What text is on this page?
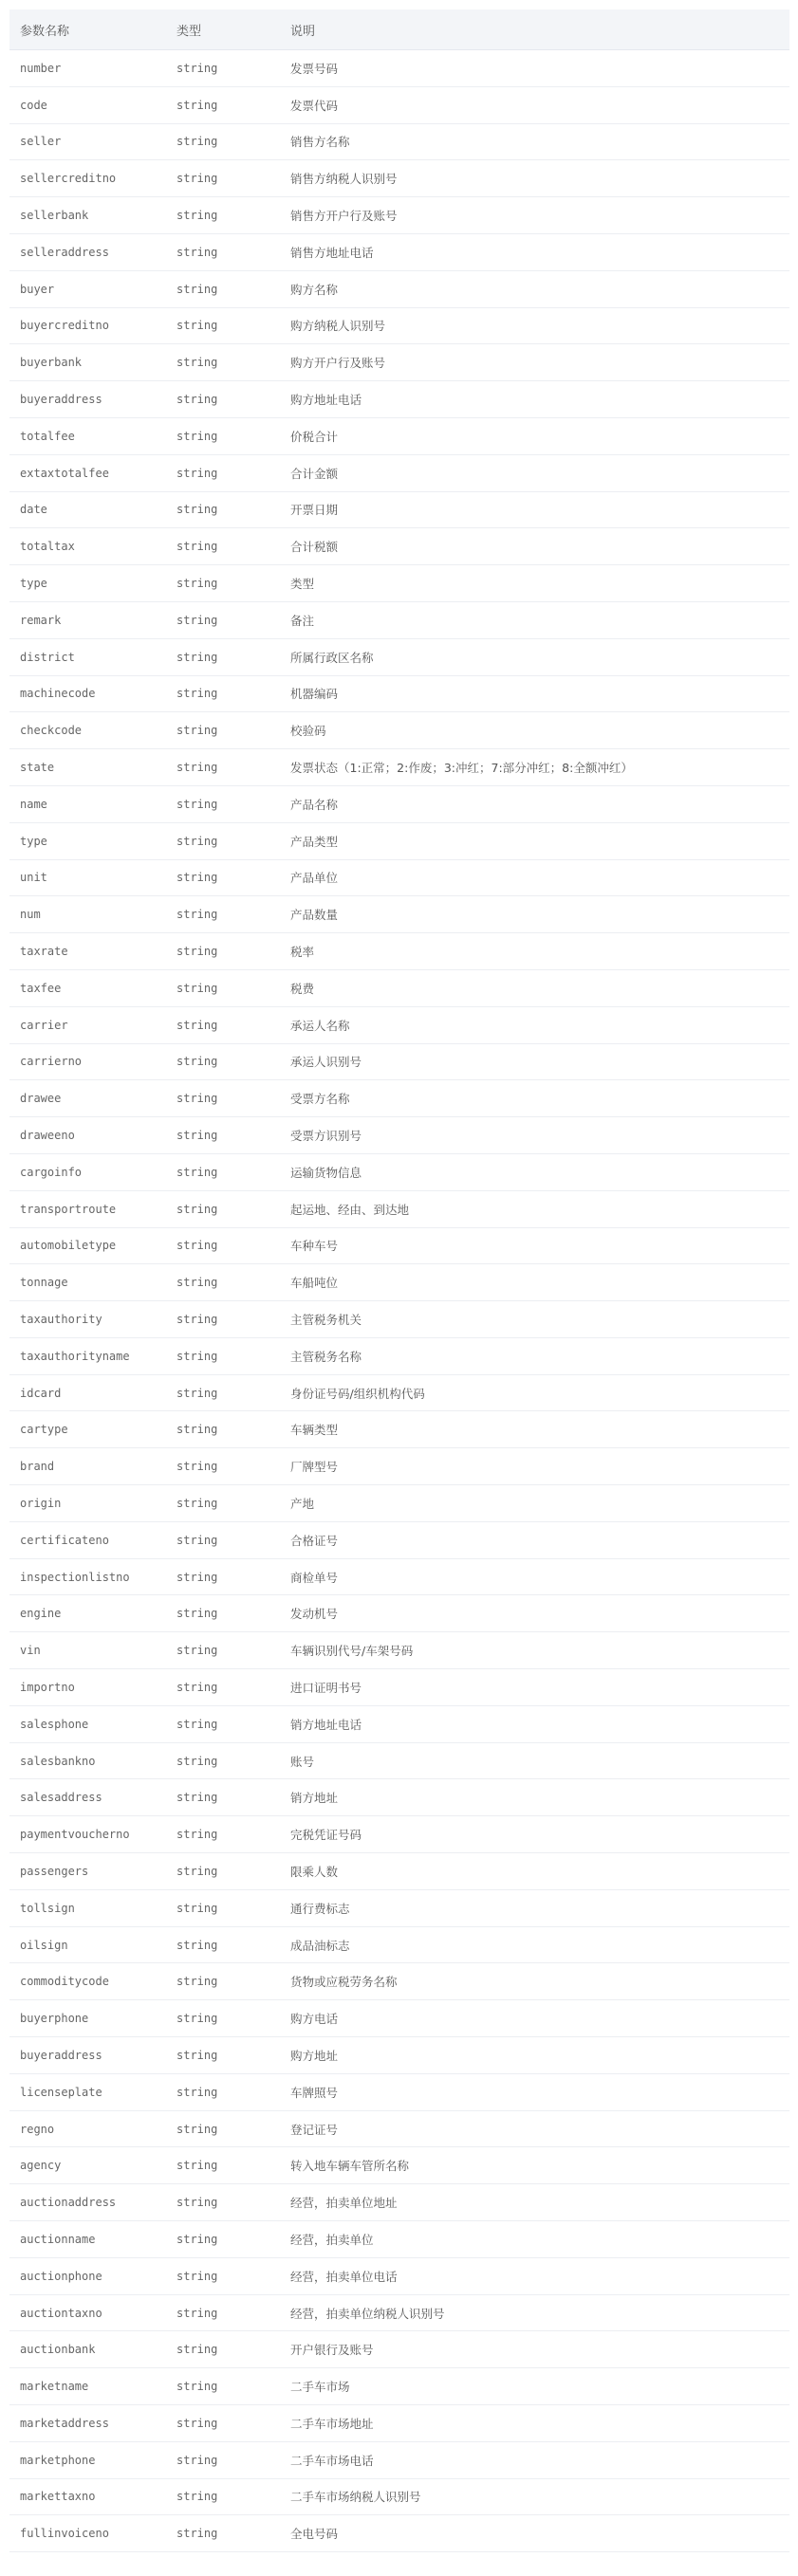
参数名称	类型	说明
number	string	发票号码
code	string	发票代码
seller	string	销售方名称
sellercreditno	string	销售方纳税人识别号
sellerbank	string	销售方开户行及账号
selleraddress	string	销售方地址电话
buyer	string	购方名称
buyercreditno	string	购方纳税人识别号
buyerbank	string	购方开户行及账号
buyeraddress	string	购方地址电话
totalfee	string	价税合计
extaxtotalfee	string	合计金额
date	string	开票日期
totaltax	string	合计税额
type	string	类型
remark	string	备注
district	string	所属行政区名称
machinecode	string	机器编码
checkcode	string	校验码
state	string	发票状态（1:正常；2:作废；3:冲红；7:部分冲红；8:全额冲红）
name	string	产品名称
type	string	产品类型
unit	string	产品单位
num	string	产品数量
taxrate	string	税率
taxfee	string	税费
carrier	string	承运人名称
carrierno	string	承运人识别号
drawee	string	受票方名称
draweeno	string	受票方识别号
cargoinfo	string	运输货物信息
transportroute	string	起运地、经由、到达地
automobiletype	string	车种车号
tonnage	string	车船吨位
taxauthority	string	主管税务机关
taxauthorityname	string	主管税务名称
idcard	string	身份证号码/组织机构代码
cartype	string	车辆类型
brand	string	厂牌型号
origin	string	产地
certificateno	string	合格证号
inspectionlistno	string	商检单号
engine	string	发动机号
vin	string	车辆识别代号/车架号码
importno	string	进口证明书号
salesphone	string	销方地址电话
salesbankno	string	账号
salesaddress	string	销方地址
paymentvoucherno	string	完税凭证号码
passengers	string	限乘人数
tollsign	string	通行费标志
oilsign	string	成品油标志
commoditycode	string	货物或应税劳务名称
buyerphone	string	购方电话
buyeraddress	string	购方地址
licenseplate	string	车牌照号
regno	string	登记证号
agency	string	转入地车辆车管所名称
auctionaddress	string	经营，拍卖单位地址
auctionname	string	经营，拍卖单位
auctionphone	string	经营，拍卖单位电话
auctiontaxno	string	经营，拍卖单位纳税人识别号
auctionbank	string	开户银行及账号
marketname	string	二手车市场
marketaddress	string	二手车市场地址
marketphone	string	二手车市场电话
markettaxno	string	二手车市场纳税人识别号
fullinvoiceno	string	全电号码
